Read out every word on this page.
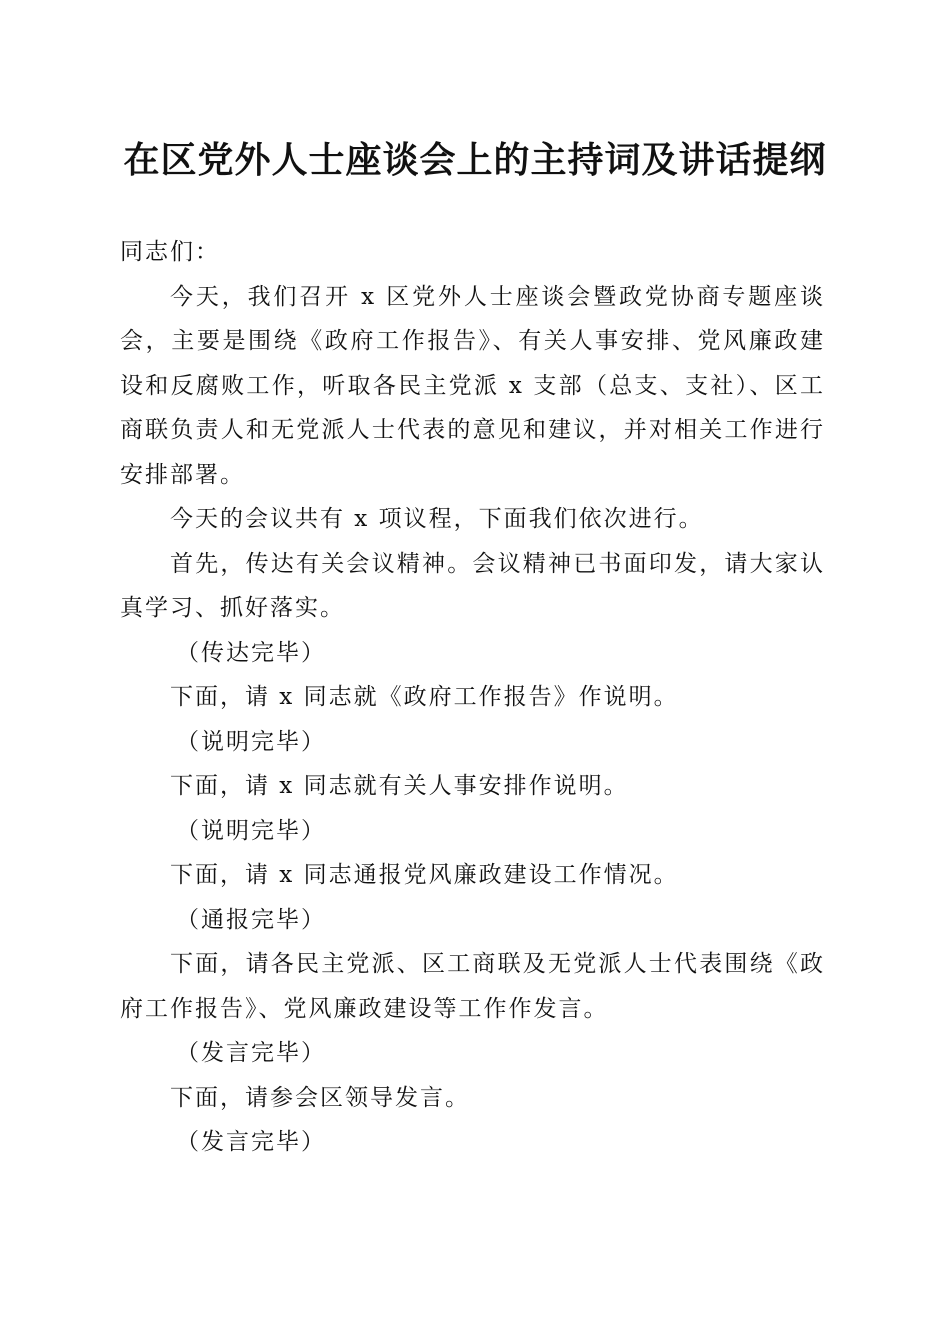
在区党外人士座谈会上的主持词及讲话提纲

同志们：

今天，我们召开 x 区党外人士座谈会暨政党协商专题座谈会，主要是围绕《政府工作报告》、有关人事安排、党风廉政建设和反腐败工作，听取各民主党派 x 支部（总支、支社）、区工商联负责人和无党派人士代表的意见和建议，并对相关工作进行安排部署。

今天的会议共有 x 项议程，下面我们依次进行。

首先，传达有关会议精神。会议精神已书面印发，请大家认真学习、抓好落实。

（传达完毕）

下面，请 x 同志就《政府工作报告》作说明。

（说明完毕）

下面，请 x 同志就有关人事安排作说明。

（说明完毕）

下面，请 x 同志通报党风廉政建设工作情况。

（通报完毕）

下面，请各民主党派、区工商联及无党派人士代表围绕《政府工作报告》、党风廉政建设等工作作发言。

（发言完毕）

下面，请参会区领导发言。

（发言完毕）
